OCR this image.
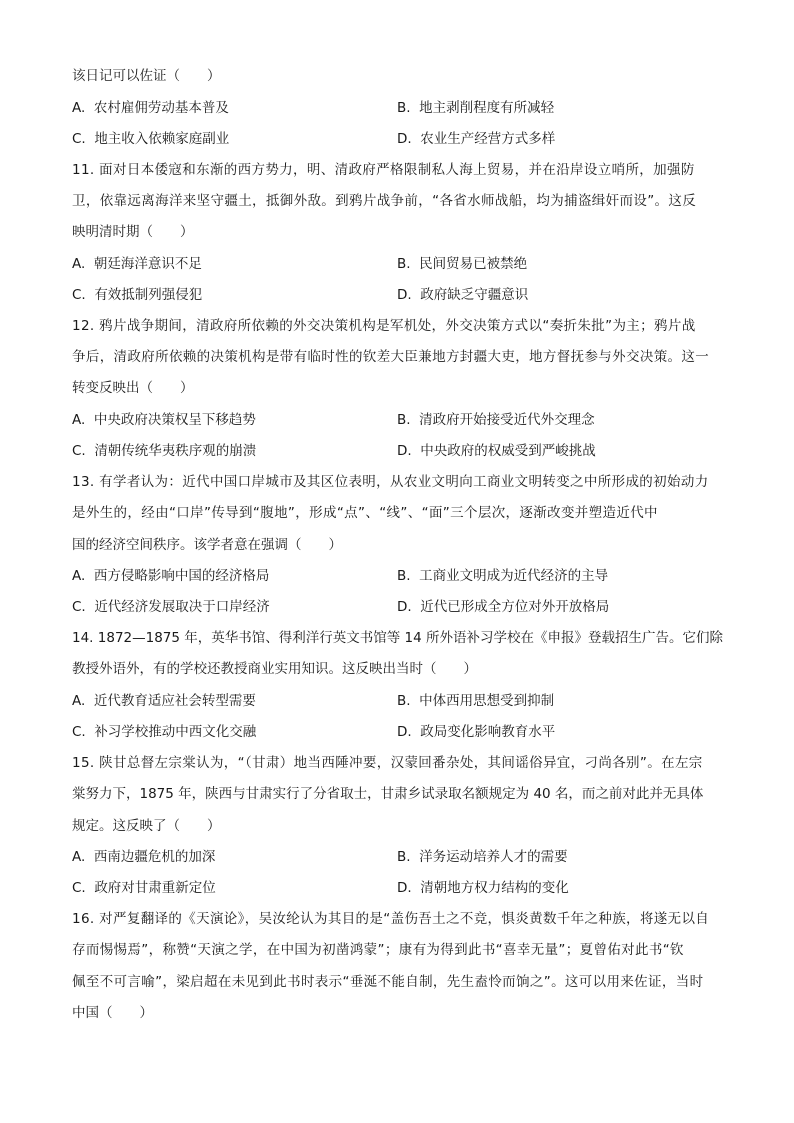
该日记可以佐证（　　）
A. 农村雇佣劳动基本普及	B. 地主剥削程度有所减轻
C. 地主收入依赖家庭副业	D. 农业生产经营方式多样
11. 面对日本倭寇和东渐的西方势力，明、清政府严格限制私人海上贸易，并在沿岸设立哨所，加强防
卫，依靠远离海洋来坚守疆土，抵御外敌。到鸦片战争前，“各省水师战船，均为捕盗缉奸而设”。这反
映明清时期（　　）
A. 朝廷海洋意识不足	B. 民间贸易已被禁绝
C. 有效抵制列强侵犯	D. 政府缺乏守疆意识
12. 鸦片战争期间，清政府所依赖的外交决策机构是军机处，外交决策方式以“奏折朱批”为主；鸦片战
争后，清政府所依赖的决策机构是带有临时性的钦差大臣兼地方封疆大吏，地方督抚参与外交决策。这一
转变反映出（　　）
A. 中央政府决策权呈下移趋势	B. 清政府开始接受近代外交理念
C. 清朝传统华夷秩序观的崩溃	D. 中央政府的权威受到严峻挑战
13. 有学者认为：近代中国口岸城市及其区位表明，从农业文明向工商业文明转变之中所形成的初始动力
是外生的，经由“口岸”传导到“腹地”，形成“点”、“线”、“面”三个层次，逐渐改变并塑造近代中
国的经济空间秩序。该学者意在强调（　　）
A. 西方侵略影响中国的经济格局	B. 工商业文明成为近代经济的主导
C. 近代经济发展取决于口岸经济	D. 近代已形成全方位对外开放格局
14. 1872—1875 年，英华书馆、得利洋行英文书馆等 14 所外语补习学校在《申报》登载招生广告。它们除
教授外语外，有的学校还教授商业实用知识。这反映出当时（　　）
A. 近代教育适应社会转型需要	B. 中体西用思想受到抑制
C. 补习学校推动中西文化交融	D. 政局变化影响教育水平
15. 陕甘总督左宗棠认为，“（甘肃）地当西陲冲要，汉蒙回番杂处，其间谣俗异宜，刁尚各别”。在左宗
棠努力下，1875 年，陕西与甘肃实行了分省取士，甘肃乡试录取名额规定为 40 名，而之前对此并无具体
规定。这反映了（　　）
A. 西南边疆危机的加深	B. 洋务运动培养人才的需要
C. 政府对甘肃重新定位	D. 清朝地方权力结构的变化
16. 对严复翻译的《天演论》，吴汝纶认为其目的是“盖伤吾土之不竞，惧炎黄数千年之种族，将遂无以自
存而惕惕焉”，称赞“天演之学，在中国为初凿鸿蒙”；康有为得到此书“喜幸无量”；夏曾佑对此书“钦
佩至不可言喻”，梁启超在未见到此书时表示“垂涎不能自制，先生盍怜而饷之”。这可以用来佐证，当时
中国（　　）
